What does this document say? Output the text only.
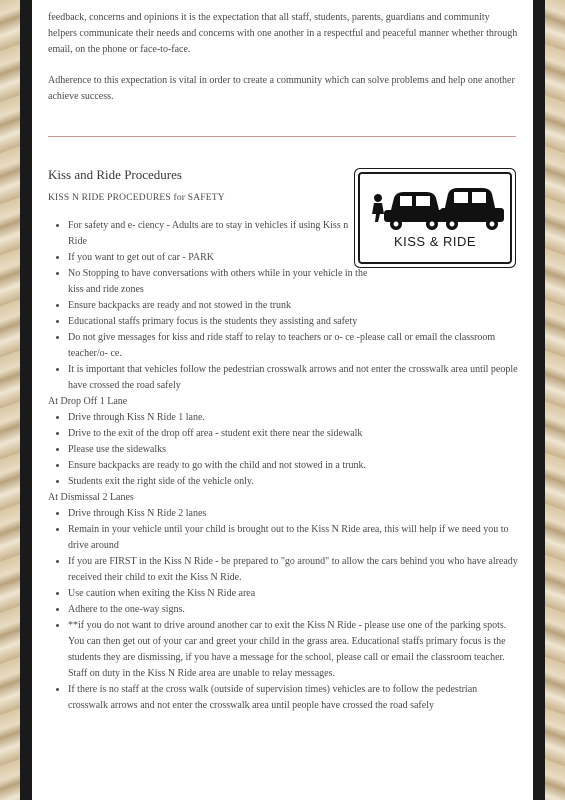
feedback, concerns and opinions it is the expectation that all staff, students, parents, guardians and community helpers communicate their needs and concerns with one another in a respectful and peaceful manner whether through email, on the phone or face-to-face.

Adherence to this expectation is vital in order to create a community which can solve problems and help one another achieve success.

KISS & RIDE
Kiss and Ride Procedures

KISS N RIDE PROCEDURES for SAFETY

• For safety and e- ciency - Adults are to stay in vehicles if using Kiss n Ride
• If you want to get out of car - PARK
• No Stopping to have conversations with others while in your vehicle in the kiss and ride zones
• Ensure backpacks are ready and not stowed in the trunk
• Educational staffs primary focus is the students they assisting and safety
• Do not give messages for kiss and ride staff to relay to teachers or o- ce -please call or email the classroom teacher/o- ce.
• It is important that vehicles follow the pedestrian crosswalk arrows and not enter the crosswalk area until people have crossed the road safely

At Drop Off 1 Lane

• Drive through Kiss N Ride 1 lane.
• Drive to the exit of the drop off area - student exit there near the sidewalk
• Please use the sidewalks
• Ensure backpacks are ready to go with the child and not stowed in a trunk.
• Students exit the right side of the vehicle only.

At Dismissal 2 Lanes

• Drive through Kiss N Ride 2 lanes
• Remain in your vehicle until your child is brought out to the Kiss N Ride area, this will help if we need you to drive around
• If you are FIRST in the Kiss N Ride - be prepared to "go around" to allow the cars behind you who have already received their child to exit the Kiss N Ride.
• Use caution when exiting the Kiss N Ride area
• Adhere to the one-way signs.
• **if you do not want to drive around another car to exit the Kiss N Ride - please use one of the parking spots. You can then get out of your car and greet your child in the grass area. Educational staffs primary focus is the students they are dismissing, if you have a message for the school, please call or email the classroom teacher. Staff on duty in the Kiss N Ride area are unable to relay messages.
• If there is no staff at the cross walk (outside of supervision times) vehicles are to follow the pedestrian crosswalk arrows and not enter the crosswalk area until people have crossed the road safely
